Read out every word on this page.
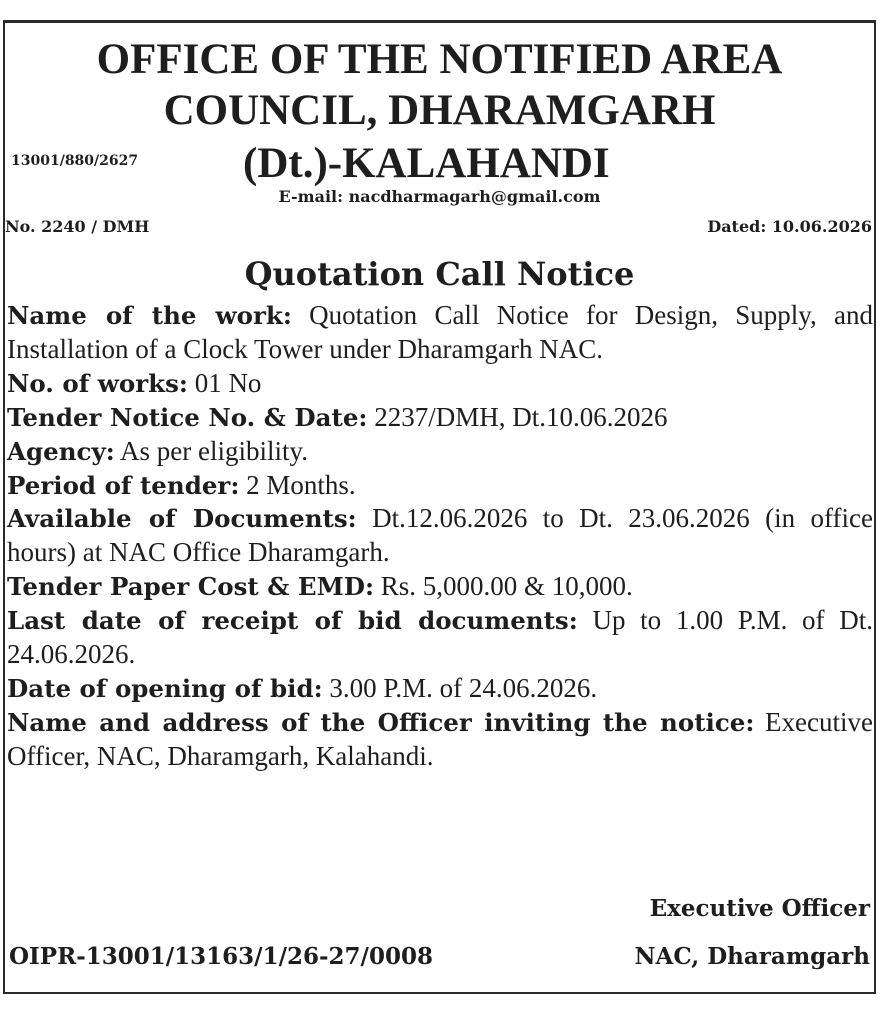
OFFICE OF THE NOTIFIED AREA
COUNCIL, DHARAMGARH
13001/880/2627 (Dt.)-KALAHANDI
E-mail: nacdharmagarh@gmail.com
No. 2240 / DMH	Dated: 10.06.2026
Quotation Call Notice

Name of the work: Quotation Call Notice for Design, Supply, and Installation of a Clock Tower under Dharamgarh NAC.

No. of works: 01 No

Tender Notice No. & Date: 2237/DMH, Dt.10.06.2026

Agency: As per eligibility.

Period of tender: 2 Months.

Available of Documents: Dt.12.06.2026 to Dt. 23.06.2026 (in office hours) at NAC Office Dharamgarh.

Tender Paper Cost & EMD: Rs. 5,000.00 & 10,000.

Last date of receipt of bid documents: Up to 1.00 P.M. of Dt. 24.06.2026.

Date of opening of bid: 3.00 P.M. of 24.06.2026.

Name and address of the Officer inviting the notice: Executive Officer, NAC, Dharamgarh, Kalahandi.

Executive Officer
OIPR-13001/13163/1/26-27/0008	NAC, Dharamgarh
